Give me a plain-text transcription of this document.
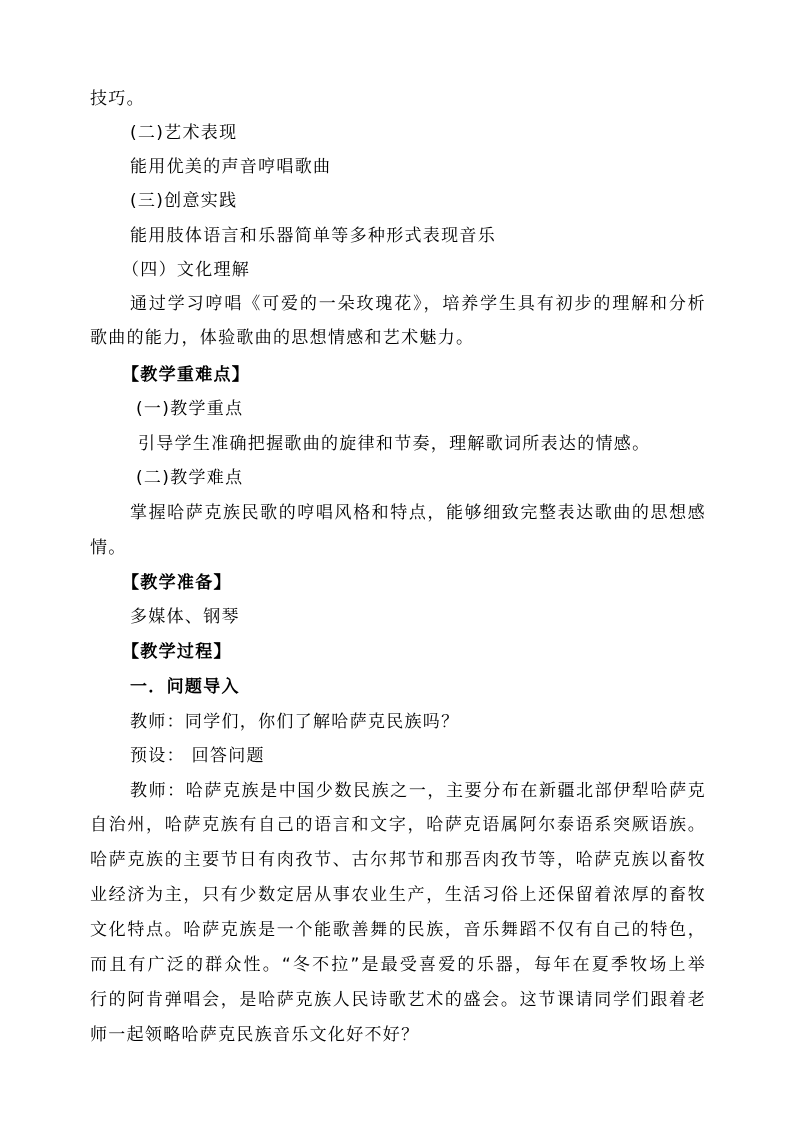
技巧。
(二)艺术表现
能用优美的声音哼唱歌曲
(三)创意实践
能用肢体语言和乐器简单等多种形式表现音乐
（四）文化理解
通过学习哼唱《可爱的一朵玫瑰花》，培养学生具有初步的理解和分析
歌曲的能力，体验歌曲的思想情感和艺术魅力。
【教学重难点】
(一)教学重点
引导学生准确把握歌曲的旋律和节奏，理解歌词所表达的情感。
(二)教学难点
掌握哈萨克族民歌的哼唱风格和特点，能够细致完整表达歌曲的思想感
情。
【教学准备】
多媒体、钢琴
【教学过程】
一．问题导入
教师：同学们，你们了解哈萨克民族吗？
预设： 回答问题
教师：哈萨克族是中国少数民族之一，主要分布在新疆北部伊犁哈萨克
自治州，哈萨克族有自己的语言和文字，哈萨克语属阿尔泰语系突厥语族。
哈萨克族的主要节日有肉孜节、古尔邦节和那吾肉孜节等，哈萨克族以畜牧
业经济为主，只有少数定居从事农业生产，生活习俗上还保留着浓厚的畜牧
文化特点。哈萨克族是一个能歌善舞的民族，音乐舞蹈不仅有自己的特色，
而且有广泛的群众性。“冬不拉”是最受喜爱的乐器，每年在夏季牧场上举
行的阿肯弹唱会，是哈萨克族人民诗歌艺术的盛会。这节课请同学们跟着老
师一起领略哈萨克民族音乐文化好不好？
